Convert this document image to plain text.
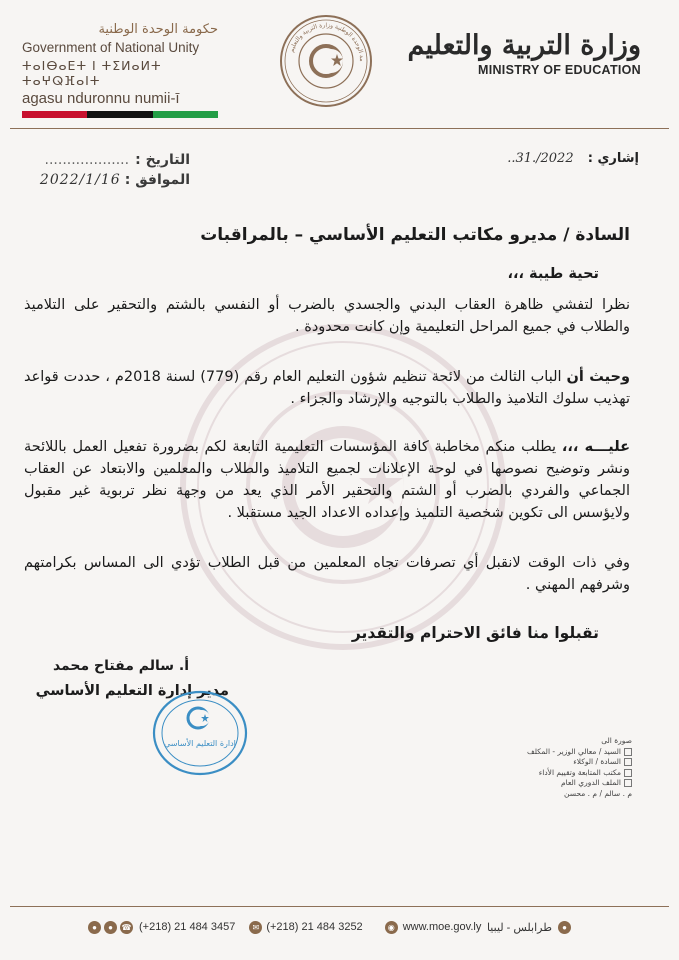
حكومة الوحدة الوطنية
Government of National Unity
ⵜⴰⵏⴱⴰⴹⵜ ⵏ ⵜⵉⵍⴰⵍⵜ ⵜⴰⵖⵕⴼⴰⵏⵜ
agasu nduronnu numii-ī
مة الوحدة الوطنية وزارة التربية والتعليم	وزارة التربية والتعليم
MINISTRY OF EDUCATION
إشاري : 2022/.31..
التاريخ :
...................
الموافق :
2022/1/16
السادة / مديرو مكاتب التعليم الأساسي – بالمراقبات
تحية طيبة ،،،
نظرا لتفشي ظاهرة العقاب البدني والجسدي بالضرب أو النفسي بالشتم والتحقير على التلاميذ والطلاب في جميع المراحل التعليمية وإن كانت محدودة .
وحيث أن الباب الثالث من لائحة تنظيم شؤون التعليم العام رقم (779) لسنة 2018م ، حددت قواعد تهذيب سلوك التلاميذ والطلاب بالتوجيه والإرشاد والجزاء .
عليـــه ،،، يطلب منكم مخاطبة كافة المؤسسات التعليمية التابعة لكم بضرورة تفعيل العمل باللائحة ونشر وتوضيح نصوصها في لوحة الإعلانات لجميع التلاميذ والطلاب والمعلمين والابتعاد عن العقاب الجماعي والفردي بالضرب أو الشتم والتحقير الأمر الذي يعد من وجهة نظر تربوية غير مقبول ولايؤسس الى تكوين شخصية التلميذ وإعداده الاعداد الجيد مستقبلا .
وفي ذات الوقت لانقبل أي تصرفات تجاه المعلمين من قبل الطلاب تؤدي الى المساس بكرامتهم وشرفهم المهني .
تقبلوا منا فائق الاحترام والتقدير
أ. سالم مفتاح محمد
مدير إدارة التعليم الأساسي
إدارة التعليم الأساسي	صورة الى
السيد / معالي الوزير - المكلف
السادة / الوكلاء
مكتب المتابعة وتقييم الأداء
الملف الدوري العام
م . سالم / م . محسن
●	●	☎ (+218) 21 484 3457	✉ (+218) 21 484 3252	◉ www.moe.gov.ly طرابلس - ليبيا	●
